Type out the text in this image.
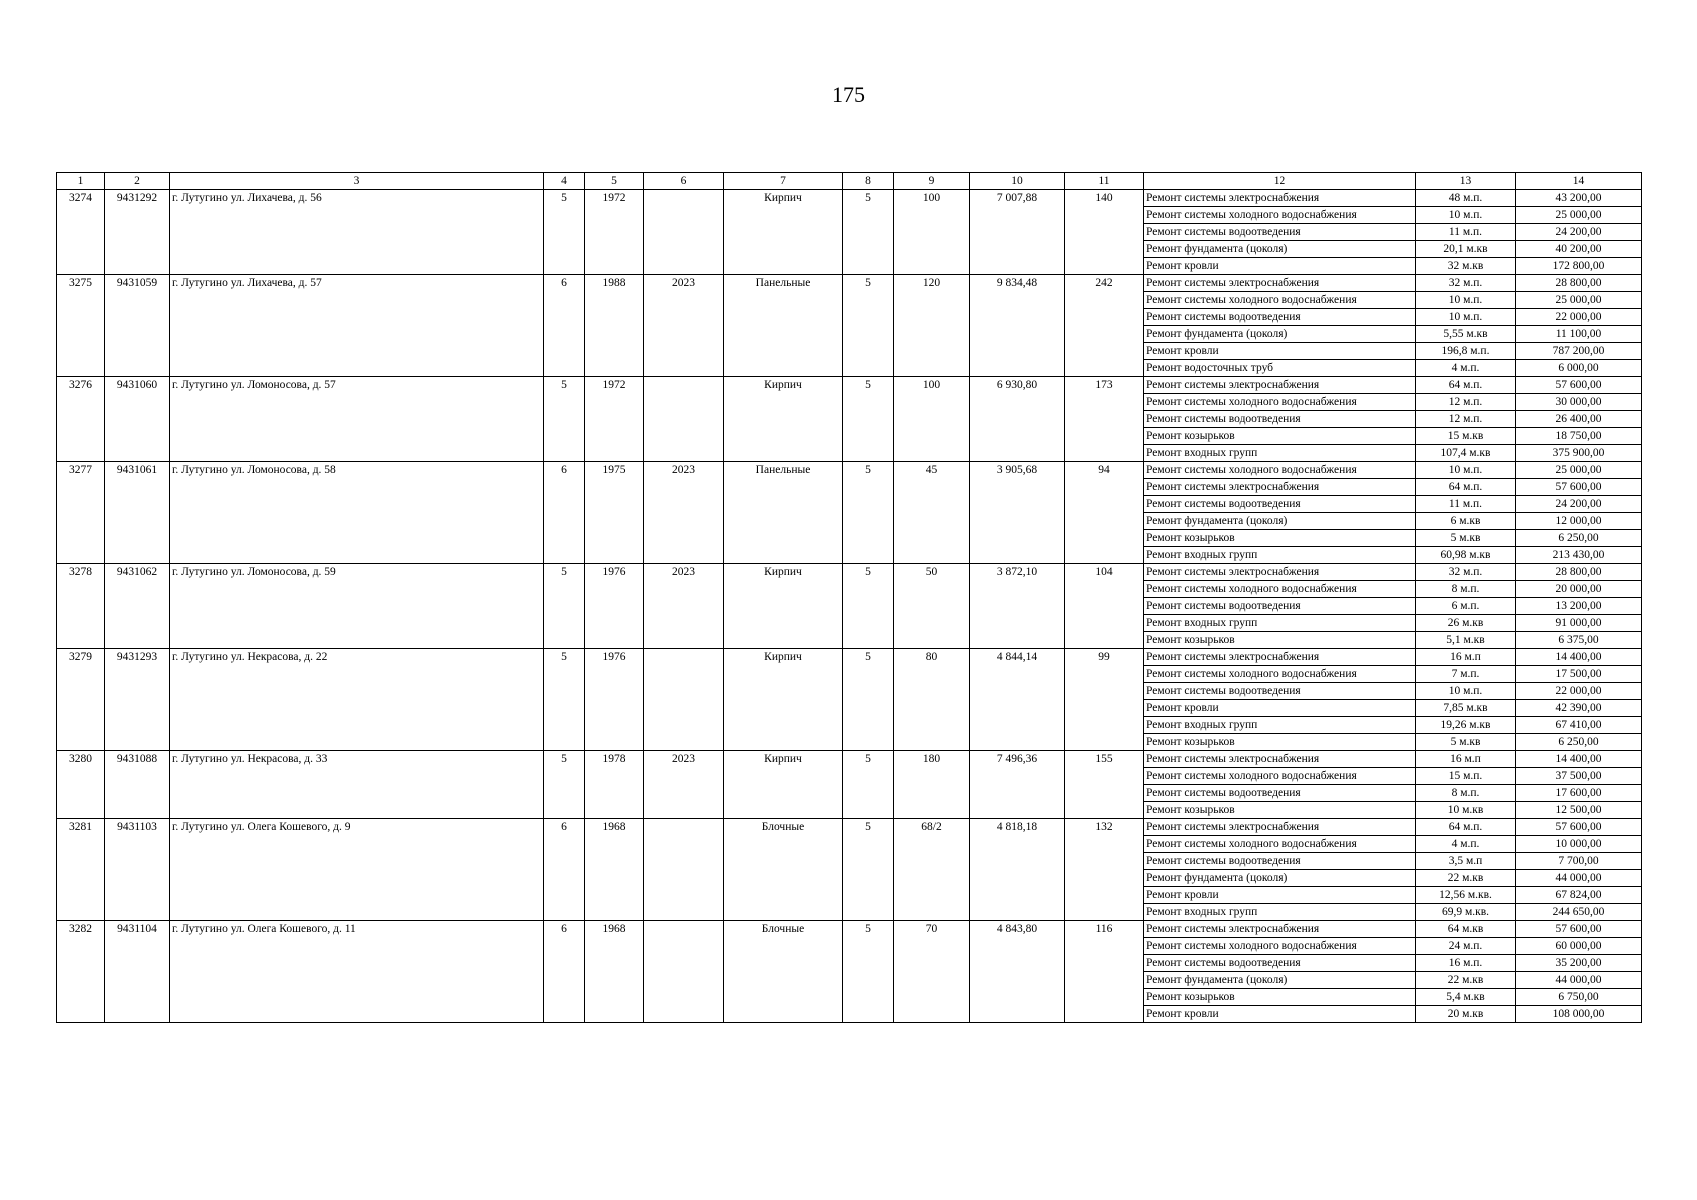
175
1	2	3	4	5	6	7	8	9	10	11	12	13	14
3274	9431292	г. Лутугино ул. Лихачева, д. 56	5	1972		Кирпич	5	100	7 007,88	140	Ремонт системы электроснабжения	48 м.п.	43 200,00
											Ремонт системы холодного водоснабжения	10 м.п.	25 000,00
											Ремонт системы водоотведения	11 м.п.	24 200,00
											Ремонт фундамента (цоколя)	20,1 м.кв	40 200,00
											Ремонт кровли	32 м.кв	172 800,00
3275	9431059	г. Лутугино ул. Лихачева, д. 57	6	1988	2023	Панельные	5	120	9 834,48	242	Ремонт системы электроснабжения	32 м.п.	28 800,00
											Ремонт системы холодного водоснабжения	10 м.п.	25 000,00
											Ремонт системы водоотведения	10 м.п.	22 000,00
											Ремонт фундамента (цоколя)	5,55 м.кв	11 100,00
											Ремонт кровли	196,8 м.п.	787 200,00
											Ремонт водосточных труб	4 м.п.	6 000,00
3276	9431060	г. Лутугино ул. Ломоносова, д. 57	5	1972		Кирпич	5	100	6 930,80	173	Ремонт системы электроснабжения	64 м.п.	57 600,00
											Ремонт системы холодного водоснабжения	12 м.п.	30 000,00
											Ремонт системы водоотведения	12 м.п.	26 400,00
											Ремонт козырьков	15 м.кв	18 750,00
											Ремонт входных групп	107,4 м.кв	375 900,00
3277	9431061	г. Лутугино ул. Ломоносова, д. 58	6	1975	2023	Панельные	5	45	3 905,68	94	Ремонт системы холодного водоснабжения	10 м.п.	25 000,00
											Ремонт системы электроснабжения	64 м.п.	57 600,00
											Ремонт системы водоотведения	11 м.п.	24 200,00
											Ремонт фундамента (цоколя)	6 м.кв	12 000,00
											Ремонт козырьков	5 м.кв	6 250,00
											Ремонт входных групп	60,98 м.кв	213 430,00
3278	9431062	г. Лутугино ул. Ломоносова, д. 59	5	1976	2023	Кирпич	5	50	3 872,10	104	Ремонт системы электроснабжения	32 м.п.	28 800,00
											Ремонт системы холодного водоснабжения	8 м.п.	20 000,00
											Ремонт системы водоотведения	6 м.п.	13 200,00
											Ремонт входных групп	26 м.кв	91 000,00
											Ремонт козырьков	5,1 м.кв	6 375,00
3279	9431293	г. Лутугино ул. Некрасова, д. 22	5	1976		Кирпич	5	80	4 844,14	99	Ремонт системы электроснабжения	16 м.п	14 400,00
											Ремонт системы холодного водоснабжения	7 м.п.	17 500,00
											Ремонт системы водоотведения	10 м.п.	22 000,00
											Ремонт кровли	7,85 м.кв	42 390,00
											Ремонт входных групп	19,26 м.кв	67 410,00
											Ремонт козырьков	5 м.кв	6 250,00
3280	9431088	г. Лутугино ул. Некрасова, д. 33	5	1978	2023	Кирпич	5	180	7 496,36	155	Ремонт системы электроснабжения	16 м.п	14 400,00
											Ремонт системы холодного водоснабжения	15 м.п.	37 500,00
											Ремонт системы водоотведения	8 м.п.	17 600,00
											Ремонт козырьков	10 м.кв	12 500,00
3281	9431103	г. Лутугино ул. Олега Кошевого, д. 9	6	1968		Блочные	5	68/2	4 818,18	132	Ремонт системы электроснабжения	64 м.п.	57 600,00
											Ремонт системы холодного водоснабжения	4 м.п.	10 000,00
											Ремонт системы водоотведения	3,5 м.п	7 700,00
											Ремонт фундамента (цоколя)	22 м.кв	44 000,00
											Ремонт кровли	12,56 м.кв.	67 824,00
											Ремонт входных групп	69,9 м.кв.	244 650,00
3282	9431104	г. Лутугино ул. Олега Кошевого, д. 11	6	1968		Блочные	5	70	4 843,80	116	Ремонт системы электроснабжения	64 м.кв	57 600,00
											Ремонт системы холодного водоснабжения	24 м.п.	60 000,00
											Ремонт системы водоотведения	16 м.п.	35 200,00
											Ремонт фундамента (цоколя)	22 м.кв	44 000,00
											Ремонт козырьков	5,4 м.кв	6 750,00
											Ремонт кровли	20 м.кв	108 000,00
